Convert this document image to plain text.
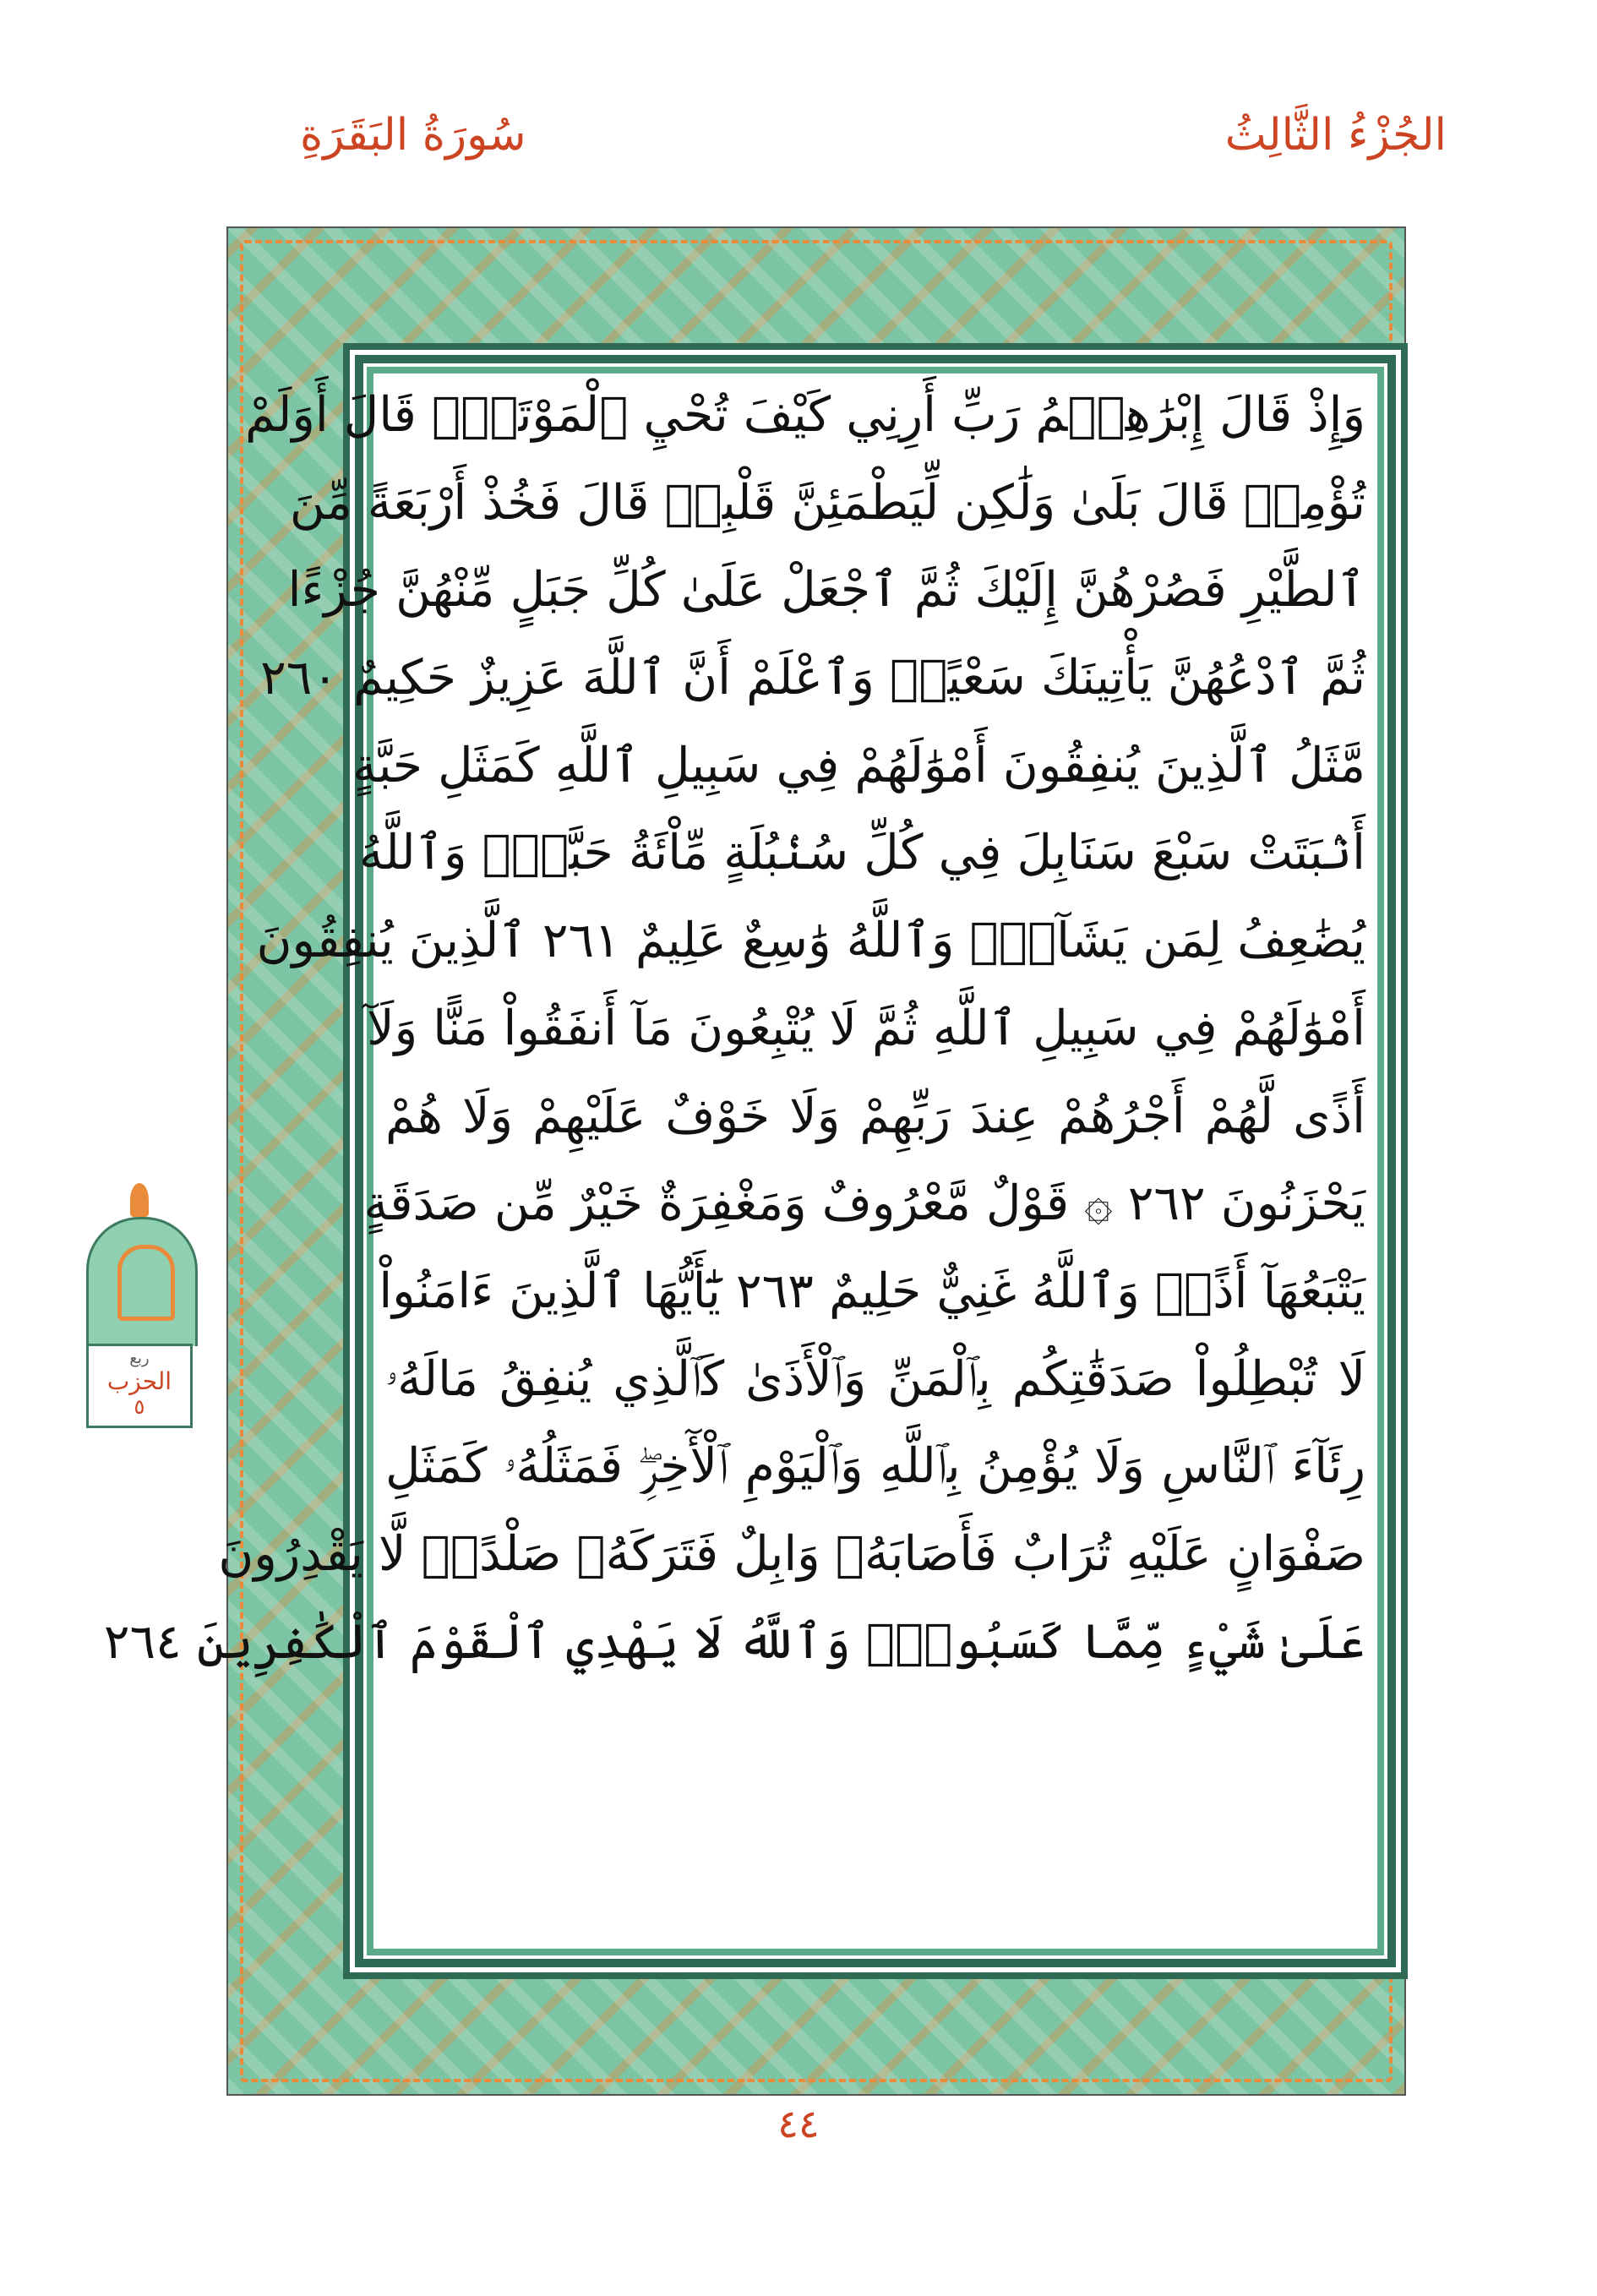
الجُزْءُ الثَّالِثُ
سُورَةُ البَقَرَةِ
وَإِذْ قَالَ إِبْرَٰهِـۧمُ رَبِّ أَرِنِي كَيْفَ تُحْيِ ٱلْمَوْتَىٰۖ قَالَ أَوَلَمْ
تُؤْمِنۖ قَالَ بَلَىٰ وَلَٰكِن لِّيَطْمَئِنَّ قَلْبِيۖ قَالَ فَخُذْ أَرْبَعَةً مِّنَ
ٱلطَّيْرِ فَصُرْهُنَّ إِلَيْكَ ثُمَّ ٱجْعَلْ عَلَىٰ كُلِّ جَبَلٍ مِّنْهُنَّ جُزْءًا
ثُمَّ ٱدْعُهُنَّ يَأْتِينَكَ سَعْيًاۚ وَٱعْلَمْ أَنَّ ٱللَّهَ عَزِيزٌ حَكِيمٌ ٢٦٠
مَّثَلُ ٱلَّذِينَ يُنفِقُونَ أَمْوَٰلَهُمْ فِي سَبِيلِ ٱللَّهِ كَمَثَلِ حَبَّةٍ
أَنۢبَتَتْ سَبْعَ سَنَابِلَ فِي كُلِّ سُنۢبُلَةٍ مِّاْئَةُ حَبَّةٍۗ وَٱللَّهُ
يُضَٰعِفُ لِمَن يَشَآءُۚ وَٱللَّهُ وَٰسِعٌ عَلِيمٌ ٢٦١ ٱلَّذِينَ يُنفِقُونَ
أَمْوَٰلَهُمْ فِي سَبِيلِ ٱللَّهِ ثُمَّ لَا يُتْبِعُونَ مَآ أَنفَقُواْ مَنًّا وَلَآ
أَذًى لَّهُمْ أَجْرُهُمْ عِندَ رَبِّهِمْ وَلَا خَوْفٌ عَلَيْهِمْ وَلَا هُمْ
يَحْزَنُونَ ٢٦٢ ۞ قَوْلٌ مَّعْرُوفٌ وَمَغْفِرَةٌ خَيْرٌ مِّن صَدَقَةٍ
يَتْبَعُهَآ أَذًىۗ وَٱللَّهُ غَنِيٌّ حَلِيمٌ ٢٦٣ يَٰٓأَيُّهَا ٱلَّذِينَ ءَامَنُواْ
لَا تُبْطِلُواْ صَدَقَٰتِكُم بِٱلْمَنِّ وَٱلْأَذَىٰ كَٱلَّذِي يُنفِقُ مَالَهُۥ
رِئَآءَ ٱلنَّاسِ وَلَا يُؤْمِنُ بِٱللَّهِ وَٱلْيَوْمِ ٱلْأٓخِرِۖ فَمَثَلُهُۥ كَمَثَلِ
صَفْوَانٍ عَلَيْهِ تُرَابٌ فَأَصَابَهُۥ وَابِلٌ فَتَرَكَهُۥ صَلْدًاۖ لَّا يَقْدِرُونَ
عَلَىٰ شَيْءٍ مِّمَّا كَسَبُواْۗ وَٱللَّهُ لَا يَهْدِي ٱلْقَوْمَ ٱلْكَٰفِرِينَ ٢٦٤
ربع
الحزب
٥
٤٤
